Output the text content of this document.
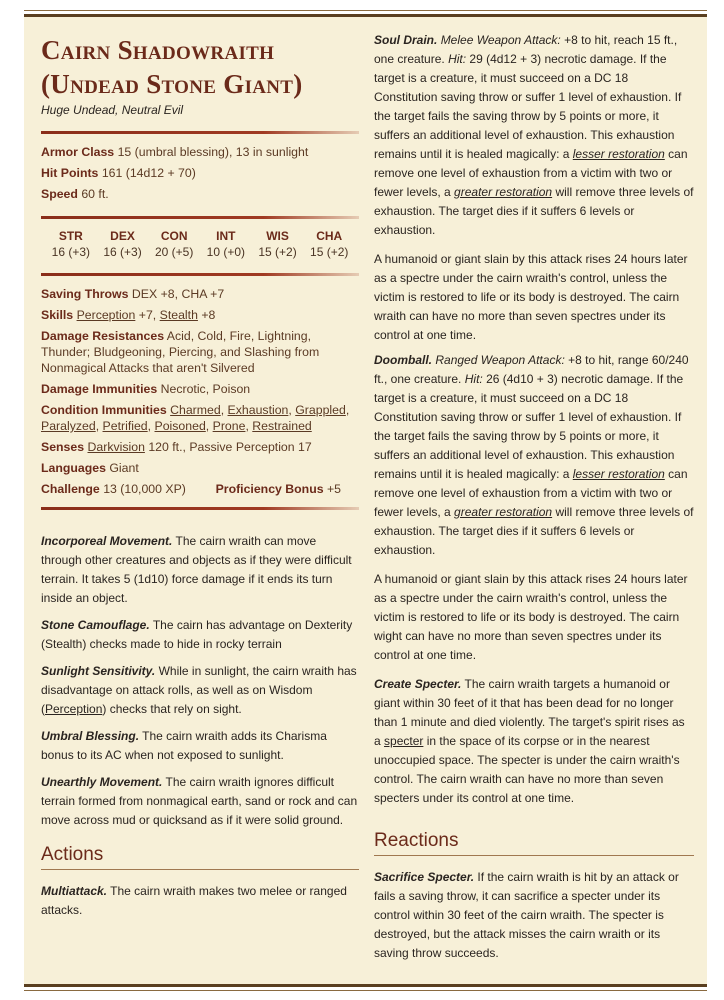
Cairn Shadowraith
(Undead Stone Giant)

Huge Undead, Neutral Evil

Armor Class 15 (umbral blessing), 13 in sunlight
Hit Points 161 (14d12 + 70)
Speed 60 ft.
STR
16 (+3)
DEX
16 (+3)
CON
20 (+5)
INT
10 (+0)
WIS
15 (+2)
CHA
15 (+2)
Saving Throws DEX +8, CHA +7
Skills Perception +7, Stealth +8
Damage Resistances Acid, Cold, Fire, Lightning, Thunder; Bludgeoning, Piercing, and Slashing from Nonmagical Attacks that aren't Silvered
Damage Immunities Necrotic, Poison
Condition Immunities Charmed, Exhaustion, Grappled, Paralyzed, Petrified, Poisoned, Prone, Restrained
Senses Darkvision 120 ft., Passive Perception 17
Languages Giant
Challenge 13 (10,000 XP) Proficiency Bonus +5

Incorporeal Movement. The cairn wraith can move through other creatures and objects as if they were difficult terrain. It takes 5 (1d10) force damage if it ends its turn inside an object.

Stone Camouflage. The cairn has advantage on Dexterity (Stealth) checks made to hide in rocky terrain

Sunlight Sensitivity. While in sunlight, the cairn wraith has disadvantage on attack rolls, as well as on Wisdom (Perception) checks that rely on sight.

Umbral Blessing. The cairn wraith adds its Charisma bonus to its AC when not exposed to sunlight.

Unearthly Movement. The cairn wraith ignores difficult terrain formed from nonmagical earth, sand or rock and can move across mud or quicksand as if it were solid ground.

Actions

Multiattack. The cairn wraith makes two melee or ranged attacks.

Soul Drain. Melee Weapon Attack: +8 to hit, reach 15 ft., one creature. Hit: 29 (4d12 + 3) necrotic damage. If the target is a creature, it must succeed on a DC 18 Constitution saving throw or suffer 1 level of exhaustion. If the target fails the saving throw by 5 points or more, it suffers an additional level of exhaustion. This exhaustion remains until it is healed magically: a lesser restoration can remove one level of exhaustion from a victim with two or fewer levels, a greater restoration will remove three levels of exhaustion. The target dies if it suffers 6 levels or exhaustion.

A humanoid or giant slain by this attack rises 24 hours later as a spectre under the cairn wraith's control, unless the victim is restored to life or its body is destroyed. The cairn wraith can have no more than seven spectres under its control at one time.

Doomball. Ranged Weapon Attack: +8 to hit, range 60/240 ft., one creature. Hit: 26 (4d10 + 3) necrotic damage. If the target is a creature, it must succeed on a DC 18 Constitution saving throw or suffer 1 level of exhaustion. If the target fails the saving throw by 5 points or more, it suffers an additional level of exhaustion. This exhaustion remains until it is healed magically: a lesser restoration can remove one level of exhaustion from a victim with two or fewer levels, a greater restoration will remove three levels of exhaustion. The target dies if it suffers 6 levels or exhaustion.

A humanoid or giant slain by this attack rises 24 hours later as a spectre under the cairn wraith's control, unless the victim is restored to life or its body is destroyed. The cairn wight can have no more than seven spectres under its control at one time.

Create Specter. The cairn wraith targets a humanoid or giant within 30 feet of it that has been dead for no longer than 1 minute and died violently. The target's spirit rises as a specter in the space of its corpse or in the nearest unoccupied space. The specter is under the cairn wraith's control. The cairn wraith can have no more than seven specters under its control at one time.

Reactions

Sacrifice Specter. If the cairn wraith is hit by an attack or fails a saving throw, it can sacrifice a specter under its control within 30 feet of the cairn wraith. The specter is destroyed, but the attack misses the cairn wraith or its saving throw succeeds.
